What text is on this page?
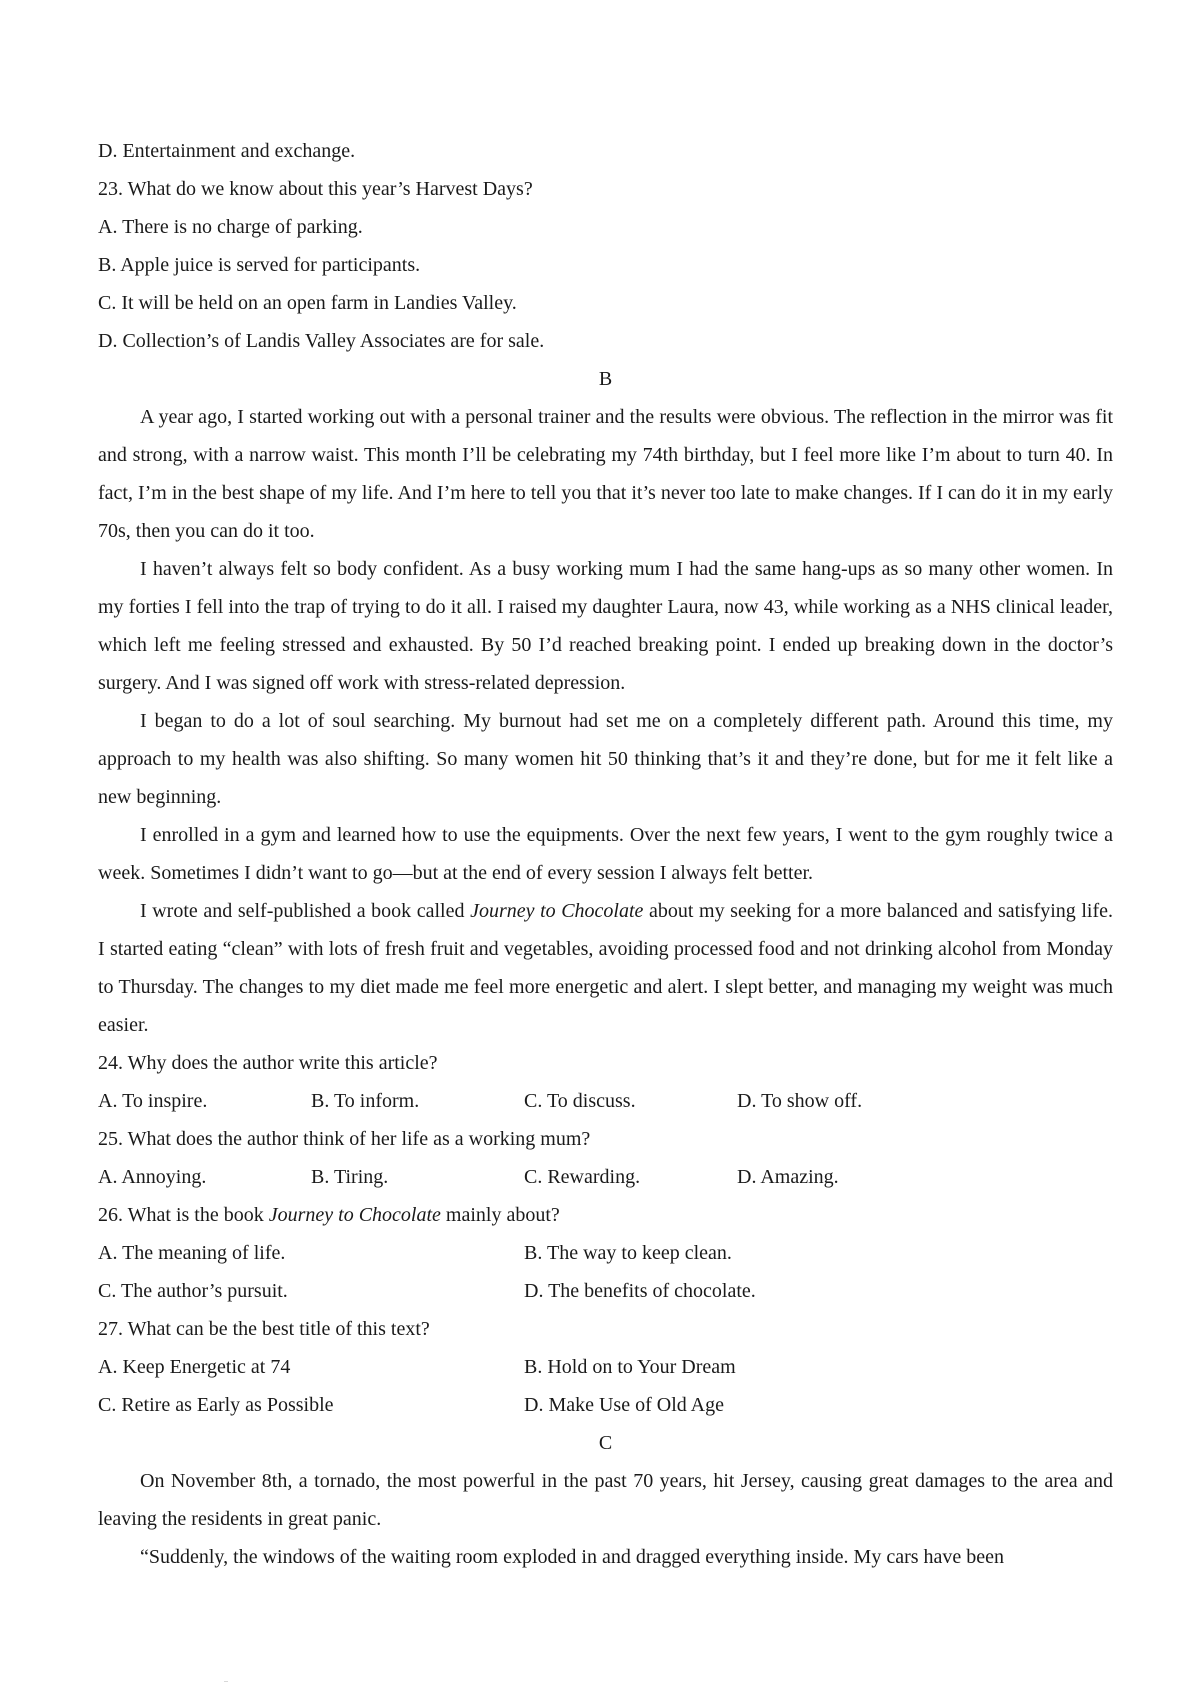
D. Entertainment and exchange.

23. What do we know about this year’s Harvest Days?

A. There is no charge of parking.

B. Apple juice is served for participants.

C. It will be held on an open farm in Landies Valley.

D. Collection’s of Landis Valley Associates are for sale.

B

A year ago, I started working out with a personal trainer and the results were obvious. The reflection in the mirror was fit and strong, with a narrow waist. This month I’ll be celebrating my 74th birthday, but I feel more like I’m about to turn 40. In fact, I’m in the best shape of my life. And I’m here to tell you that it’s never too late to make changes. If I can do it in my early 70s, then you can do it too.

I haven’t always felt so body confident. As a busy working mum I had the same hang-ups as so many other women. In my forties I fell into the trap of trying to do it all. I raised my daughter Laura, now 43, while working as a NHS clinical leader, which left me feeling stressed and exhausted. By 50 I’d reached breaking point. I ended up breaking down in the doctor’s surgery. And I was signed off work with stress-related depression.

I began to do a lot of soul searching. My burnout had set me on a completely different path. Around this time, my approach to my health was also shifting. So many women hit 50 thinking that’s it and they’re done, but for me it felt like a new beginning.

I enrolled in a gym and learned how to use the equipments. Over the next few years, I went to the gym roughly twice a week. Sometimes I didn’t want to go—but at the end of every session I always felt better.

I wrote and self-published a book called Journey to Chocolate about my seeking for a more balanced and satisfying life. I started eating “clean” with lots of fresh fruit and vegetables, avoiding processed food and not drinking alcohol from Monday to Thursday. The changes to my diet made me feel more energetic and alert. I slept better, and managing my weight was much easier.

24. Why does the author write this article?

A. To inspire.	B. To inform.	C. To discuss.	D. To show off.

25. What does the author think of her life as a working mum?

A. Annoying.	B. Tiring.	C. Rewarding.	D. Amazing.

26. What is the book Journey to Chocolate mainly about?

A. The meaning of life.	B. The way to keep clean.
C. The author’s pursuit.	D. The benefits of chocolate.

27. What can be the best title of this text?

A. Keep Energetic at 74	B. Hold on to Your Dream
C. Retire as Early as Possible	D. Make Use of Old Age

C

On November 8th, a tornado, the most powerful in the past 70 years, hit Jersey, causing great damages to the area and leaving the residents in great panic.

“Suddenly, the windows of the waiting room exploded in and dragged everything inside. My cars have been
